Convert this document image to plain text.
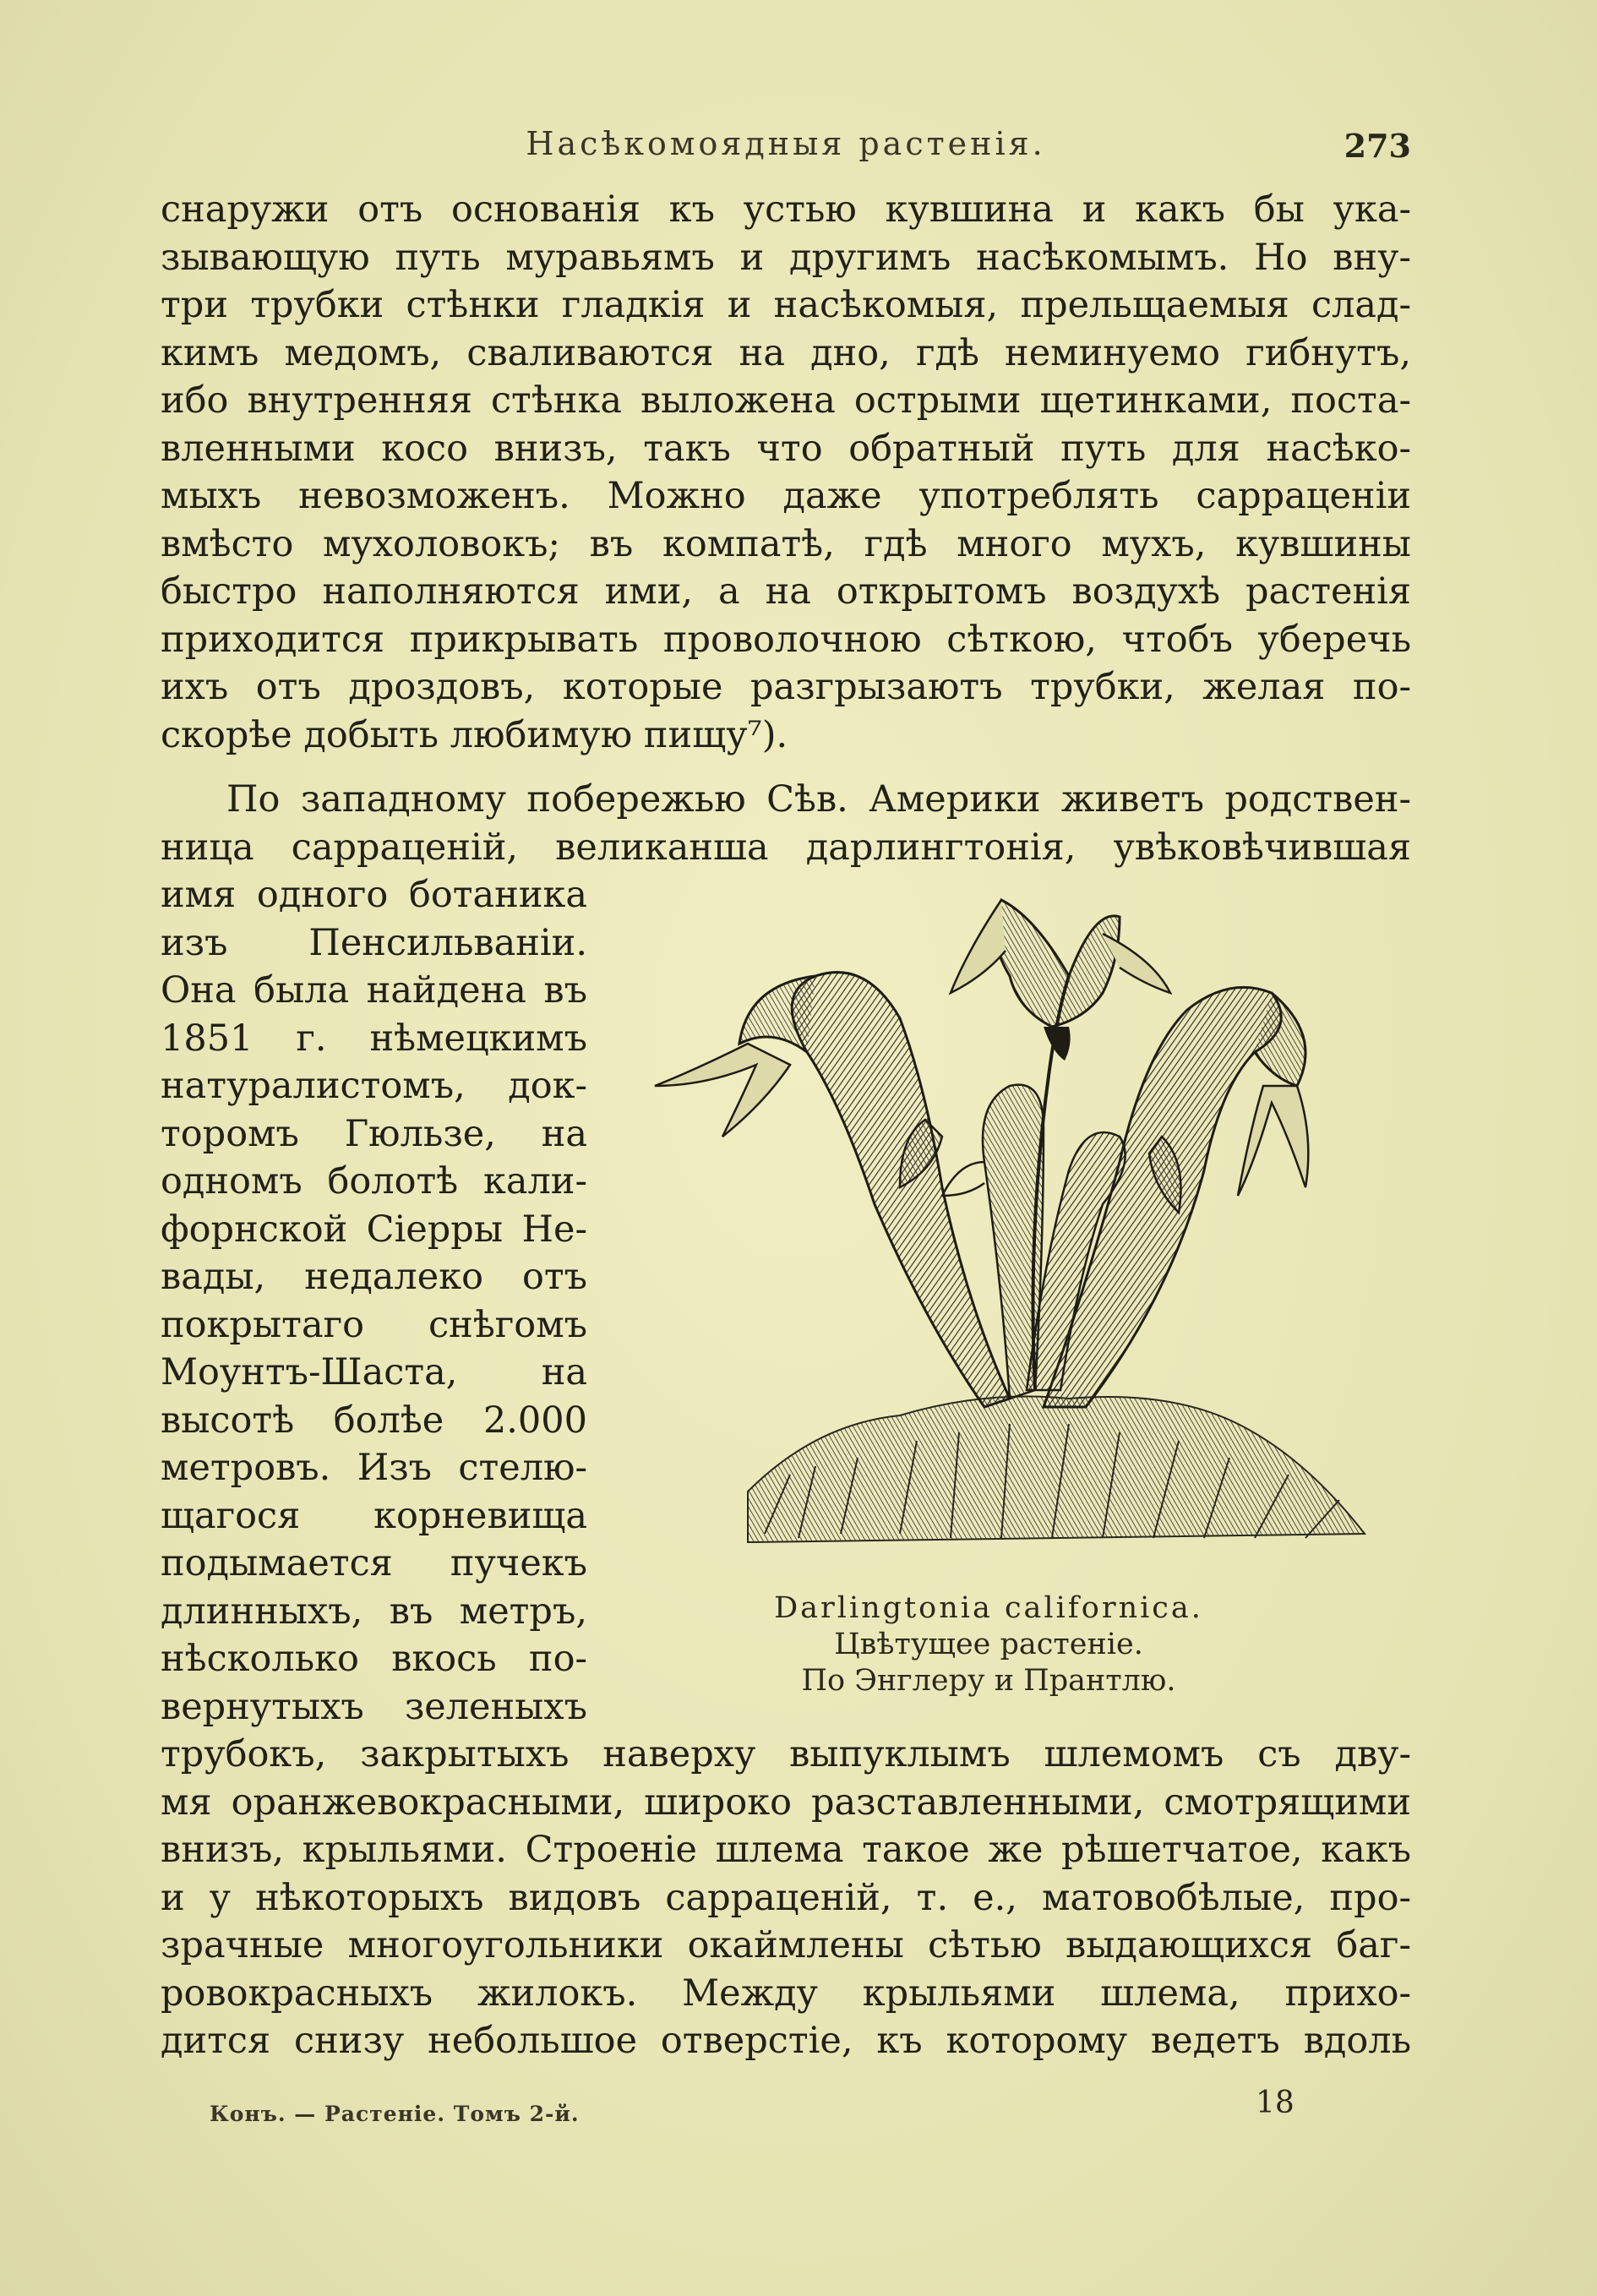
Насѣкомоядныя растенія.	273
снаружи отъ основанія къ устью кувшина и какъ бы ука-
зывающую путь муравьямъ и другимъ насѣкомымъ. Но вну-
три трубки стѣнки гладкія и насѣкомыя, прельщаемыя слад-
кимъ медомъ, сваливаются на дно, гдѣ неминуемо гибнутъ,
ибо внутренняя стѣнка выложена острыми щетинками, поста-
вленными косо внизъ, такъ что обратный путь для насѣко-
мыхъ невозможенъ. Можно даже употреблять сарраценіи
вмѣсто мухоловокъ; въ компатѣ, гдѣ много мухъ, кувшины
быстро наполняются ими, а на открытомъ воздухѣ растенія
приходится прикрывать проволочною сѣткою, чтобъ уберечь
ихъ отъ дроздовъ, которые разгрызаютъ трубки, желая по-
скорѣе добыть любимую пищу⁷).
По западному побережью Сѣв. Америки живетъ родствен-
ница сарраценій, великанша дарлингтонія, увѣковѣчившая
имя одного ботаника
изъ Пенсильваніи.
Она была найдена въ
1851 г. нѣмецкимъ
натуралистомъ, док-
торомъ Гюльзе, на
одномъ болотѣ кали-
форнской Сіерры Не-
вады, недалеко отъ
покрытаго снѣгомъ
Моунтъ-Шаста, на
высотѣ болѣе 2.000
метровъ. Изъ стелю-
щагося корневища
подымается пучекъ
длинныхъ, въ метръ,
нѣсколько вкось по-
вернутыхъ зеленыхъ
Darlingtonia californica.
Цвѣтущее растеніе.
По Энглеру и Прантлю.
трубокъ, закрытыхъ наверху выпуклымъ шлемомъ съ дву-
мя оранжевокрасными, широко разставленными, смотрящими
внизъ, крыльями. Строеніе шлема такое же рѣшетчатое, какъ
и у нѣкоторыхъ видовъ сарраценій, т. е., матовобѣлые, про-
зрачные многоугольники окаймлены сѣтью выдающихся баг-
ровокрасныхъ жилокъ. Между крыльями шлема, прихо-
дится снизу небольшое отверстіе, къ которому ведетъ вдоль
Конъ. — Растеніе. Томъ 2-й.	18
